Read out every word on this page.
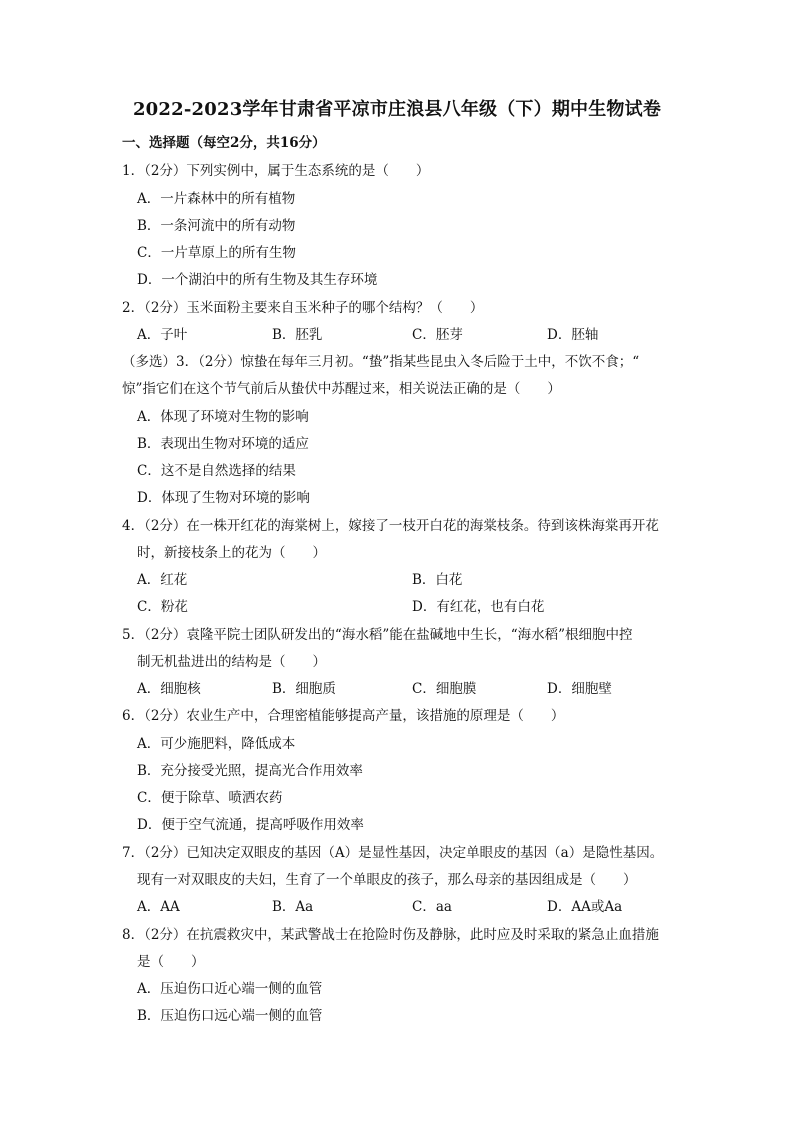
2022-2023学年甘肃省平凉市庄浪县八年级（下）期中生物试卷
一、选择题（每空2分，共16分）
1．（2分）下列实例中，属于生态系统的是（　　）
A．一片森林中的所有植物
B．一条河流中的所有动物
C．一片草原上的所有生物
D．一个湖泊中的所有生物及其生存环境
2．（2分）玉米面粉主要来自玉米种子的哪个结构？（　　）
A．子叶	B．胚乳	C．胚芽	D．胚轴
（多选）3．（2分）惊蛰在每年三月初。“蛰”指某些昆虫入冬后险于土中，不饮不食；“
惊”指它们在这个节气前后从蛰伏中苏醒过来，相关说法正确的是（　　）
A．体现了环境对生物的影响
B．表现出生物对环境的适应
C．这不是自然选择的结果
D．体现了生物对环境的影响
4．（2分）在一株开红花的海棠树上，嫁接了一枝开白花的海棠枝条。待到该株海棠再开花
时，新接枝条上的花为（　　）
A．红花	B．白花
C．粉花	D．有红花，也有白花
5．（2分）袁隆平院士团队研发出的“海水稻”能在盐碱地中生长，“海水稻”根细胞中控
制无机盐进出的结构是（　　）
A．细胞核	B．细胞质	C．细胞膜	D．细胞壁
6．（2分）农业生产中，合理密植能够提高产量，该措施的原理是（　　）
A．可少施肥料，降低成本
B．充分接受光照，提高光合作用效率
C．便于除草、喷洒农药
D．便于空气流通，提高呼吸作用效率
7．（2分）已知决定双眼皮的基因（A）是显性基因，决定单眼皮的基因（a）是隐性基因。
现有一对双眼皮的夫妇，生育了一个单眼皮的孩子，那么母亲的基因组成是（　　）
A．AA	B．Aa	C．aa	D．AA或Aa
8．（2分）在抗震救灾中，某武警战士在抢险时伤及静脉，此时应及时采取的紧急止血措施
是（　　）
A．压迫伤口近心端一侧的血管
B．压迫伤口远心端一侧的血管
